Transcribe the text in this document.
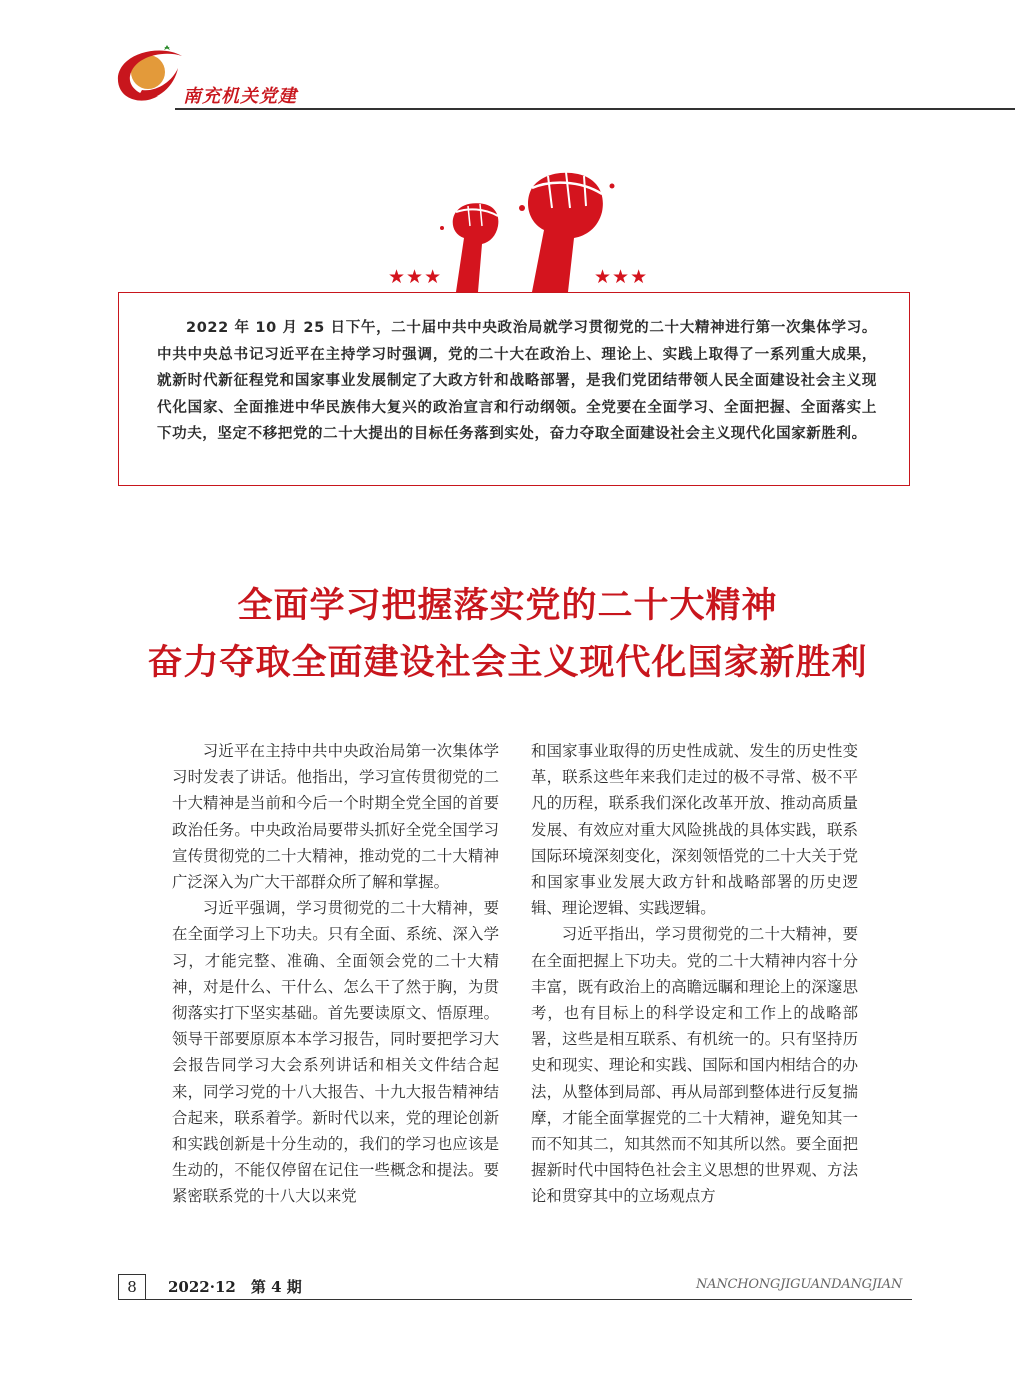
南充机关党建
★★★	★★★

2022 年 10 月 25 日下午，二十届中共中央政治局就学习贯彻党的二十大精神进行第一次集体学习。中共中央总书记习近平在主持学习时强调，党的二十大在政治上、理论上、实践上取得了一系列重大成果，就新时代新征程党和国家事业发展制定了大政方针和战略部署，是我们党团结带领人民全面建设社会主义现代化国家、全面推进中华民族伟大复兴的政治宣言和行动纲领。全党要在全面学习、全面把握、全面落实上下功夫，坚定不移把党的二十大提出的目标任务落到实处，奋力夺取全面建设社会主义现代化国家新胜利。

全面学习把握落实党的二十大精神
奋力夺取全面建设社会主义现代化国家新胜利

习近平在主持中共中央政治局第一次集体学习时发表了讲话。他指出，学习宣传贯彻党的二十大精神是当前和今后一个时期全党全国的首要政治任务。中央政治局要带头抓好全党全国学习宣传贯彻党的二十大精神，推动党的二十大精神广泛深入为广大干部群众所了解和掌握。

习近平强调，学习贯彻党的二十大精神，要在全面学习上下功夫。只有全面、系统、深入学习，才能完整、准确、全面领会党的二十大精神，对是什么、干什么、怎么干了然于胸，为贯彻落实打下坚实基础。首先要读原文、悟原理。领导干部要原原本本学习报告，同时要把学习大会报告同学习大会系列讲话和相关文件结合起来，同学习党的十八大报告、十九大报告精神结合起来，联系着学。新时代以来，党的理论创新和实践创新是十分生动的，我们的学习也应该是生动的，不能仅停留在记住一些概念和提法。要紧密联系党的十八大以来党

和国家事业取得的历史性成就、发生的历史性变革，联系这些年来我们走过的极不寻常、极不平凡的历程，联系我们深化改革开放、推动高质量发展、有效应对重大风险挑战的具体实践，联系国际环境深刻变化，深刻领悟党的二十大关于党和国家事业发展大政方针和战略部署的历史逻辑、理论逻辑、实践逻辑。

习近平指出，学习贯彻党的二十大精神，要在全面把握上下功夫。党的二十大精神内容十分丰富，既有政治上的高瞻远瞩和理论上的深邃思考，也有目标上的科学设定和工作上的战略部署，这些是相互联系、有机统一的。只有坚持历史和现实、理论和实践、国际和国内相结合的办法，从整体到局部、再从局部到整体进行反复揣摩，才能全面掌握党的二十大精神，避免知其一而不知其二，知其然而不知其所以然。要全面把握新时代中国特色社会主义思想的世界观、方法论和贯穿其中的立场观点方

8	2022·12　第 4 期	NANCHONGJIGUANDANGJIAN
